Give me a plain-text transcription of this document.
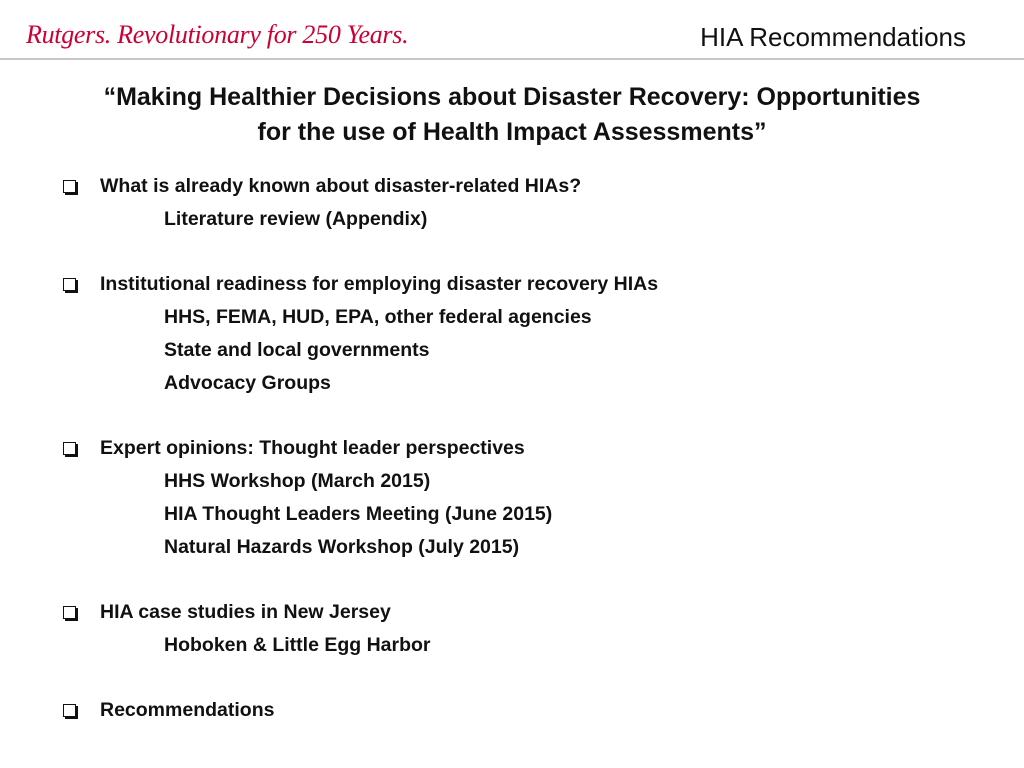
Rutgers. Revolutionary for 250 Years.	HIA Recommendations
“Making Healthier Decisions about Disaster Recovery: Opportunities
for the use of Health Impact Assessments”
What is already known about disaster-related HIAs?
Literature review (Appendix)
Institutional readiness for employing disaster recovery HIAs
HHS, FEMA, HUD, EPA, other federal agencies
State and local governments
Advocacy Groups
Expert opinions: Thought leader perspectives
HHS Workshop (March 2015)
HIA Thought Leaders Meeting (June 2015)
Natural Hazards Workshop (July 2015)
HIA case studies in New Jersey
Hoboken & Little Egg Harbor
Recommendations
